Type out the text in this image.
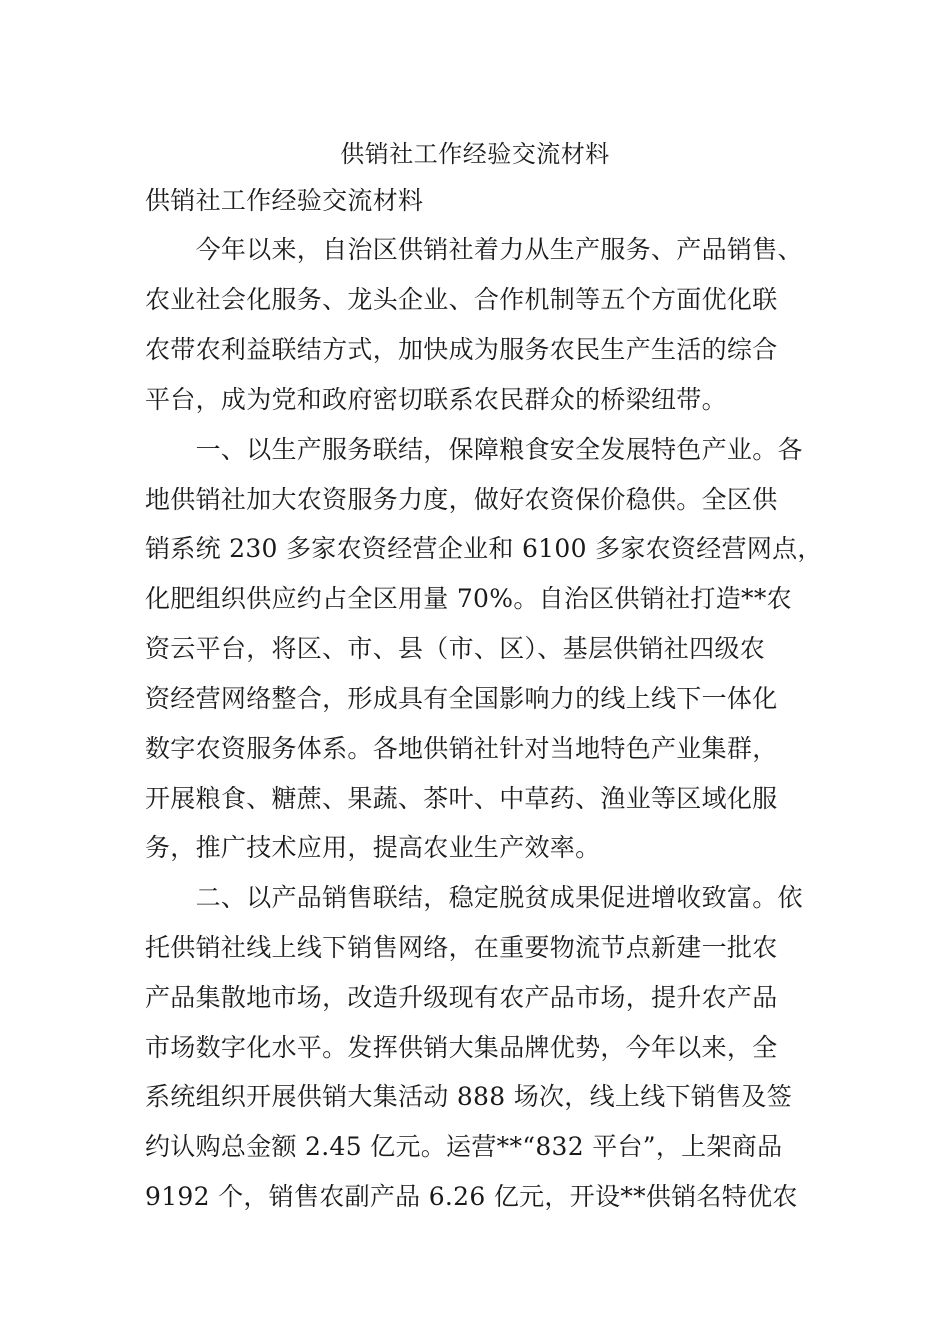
供销社工作经验交流材料
供销社工作经验交流材料
　　今年以来，自治区供销社着力从生产服务、产品销售、
农业社会化服务、龙头企业、合作机制等五个方面优化联
农带农利益联结方式，加快成为服务农民生产生活的综合
平台，成为党和政府密切联系农民群众的桥梁纽带。
　　一、以生产服务联结，保障粮食安全发展特色产业。各
地供销社加大农资服务力度，做好农资保价稳供。全区供
销系统 230 多家农资经营企业和 6100 多家农资经营网点，
化肥组织供应约占全区用量 70%。自治区供销社打造**农
资云平台，将区、市、县（市、区）、基层供销社四级农
资经营网络整合，形成具有全国影响力的线上线下一体化
数字农资服务体系。各地供销社针对当地特色产业集群，
开展粮食、糖蔗、果蔬、茶叶、中草药、渔业等区域化服
务，推广技术应用，提高农业生产效率。
　　二、以产品销售联结，稳定脱贫成果促进增收致富。依
托供销社线上线下销售网络，在重要物流节点新建一批农
产品集散地市场，改造升级现有农产品市场，提升农产品
市场数字化水平。发挥供销大集品牌优势，今年以来，全
系统组织开展供销大集活动 888 场次，线上线下销售及签
约认购总金额 2.45 亿元。运营**“832 平台”，上架商品
9192 个，销售农副产品 6.26 亿元，开设**供销名特优农
